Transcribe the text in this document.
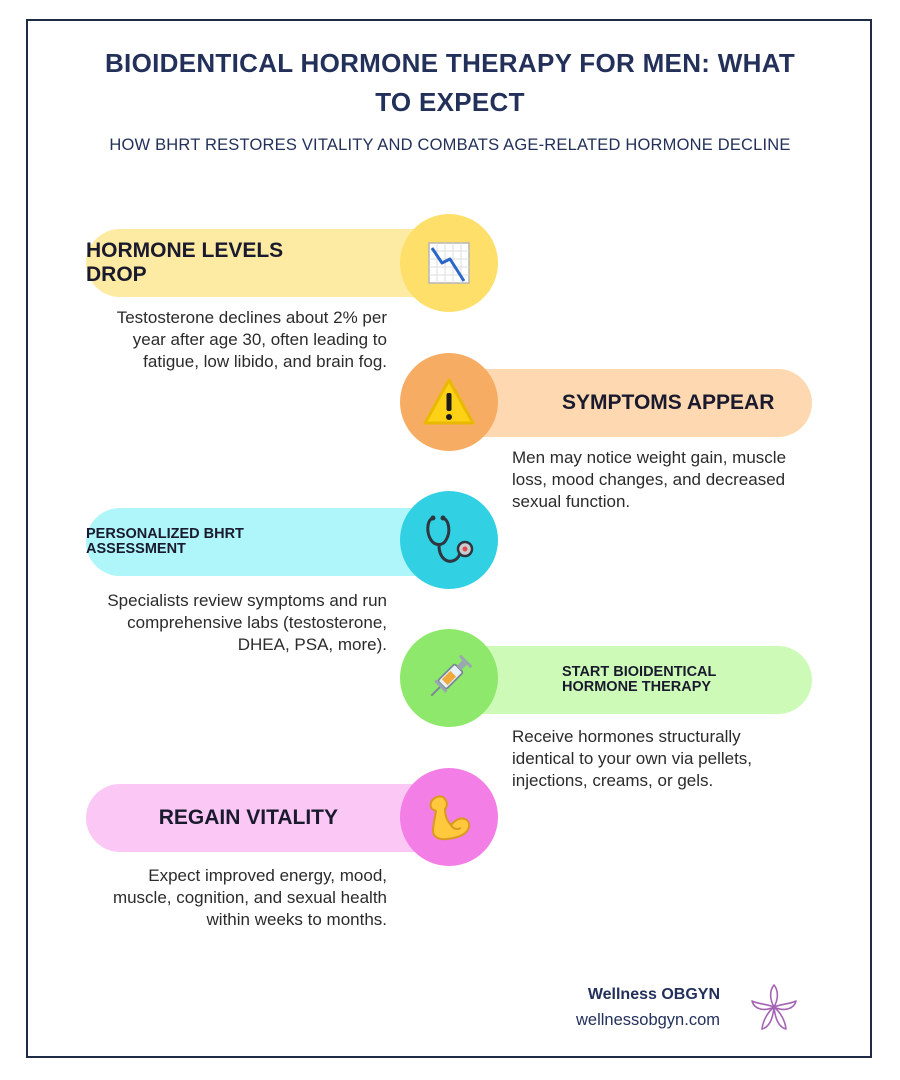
BIOIDENTICAL HORMONE THERAPY FOR MEN: WHAT TO EXPECT
HOW BHRT RESTORES VITALITY AND COMBATS AGE-RELATED HORMONE DECLINE
HORMONE LEVELS DROP
Testosterone declines about 2% per year after age 30, often leading to fatigue, low libido, and brain fog.
SYMPTOMS APPEAR
Men may notice weight gain, muscle loss, mood changes, and decreased sexual function.
PERSONALIZED BHRT ASSESSMENT
Specialists review symptoms and run comprehensive labs (testosterone, DHEA, PSA, more).
START BIOIDENTICAL HORMONE THERAPY
Receive hormones structurally identical to your own via pellets, injections, creams, or gels.
REGAIN VITALITY
Expect improved energy, mood, muscle, cognition, and sexual health within weeks to months.
Wellness OBGYN
wellnessobgyn.com
